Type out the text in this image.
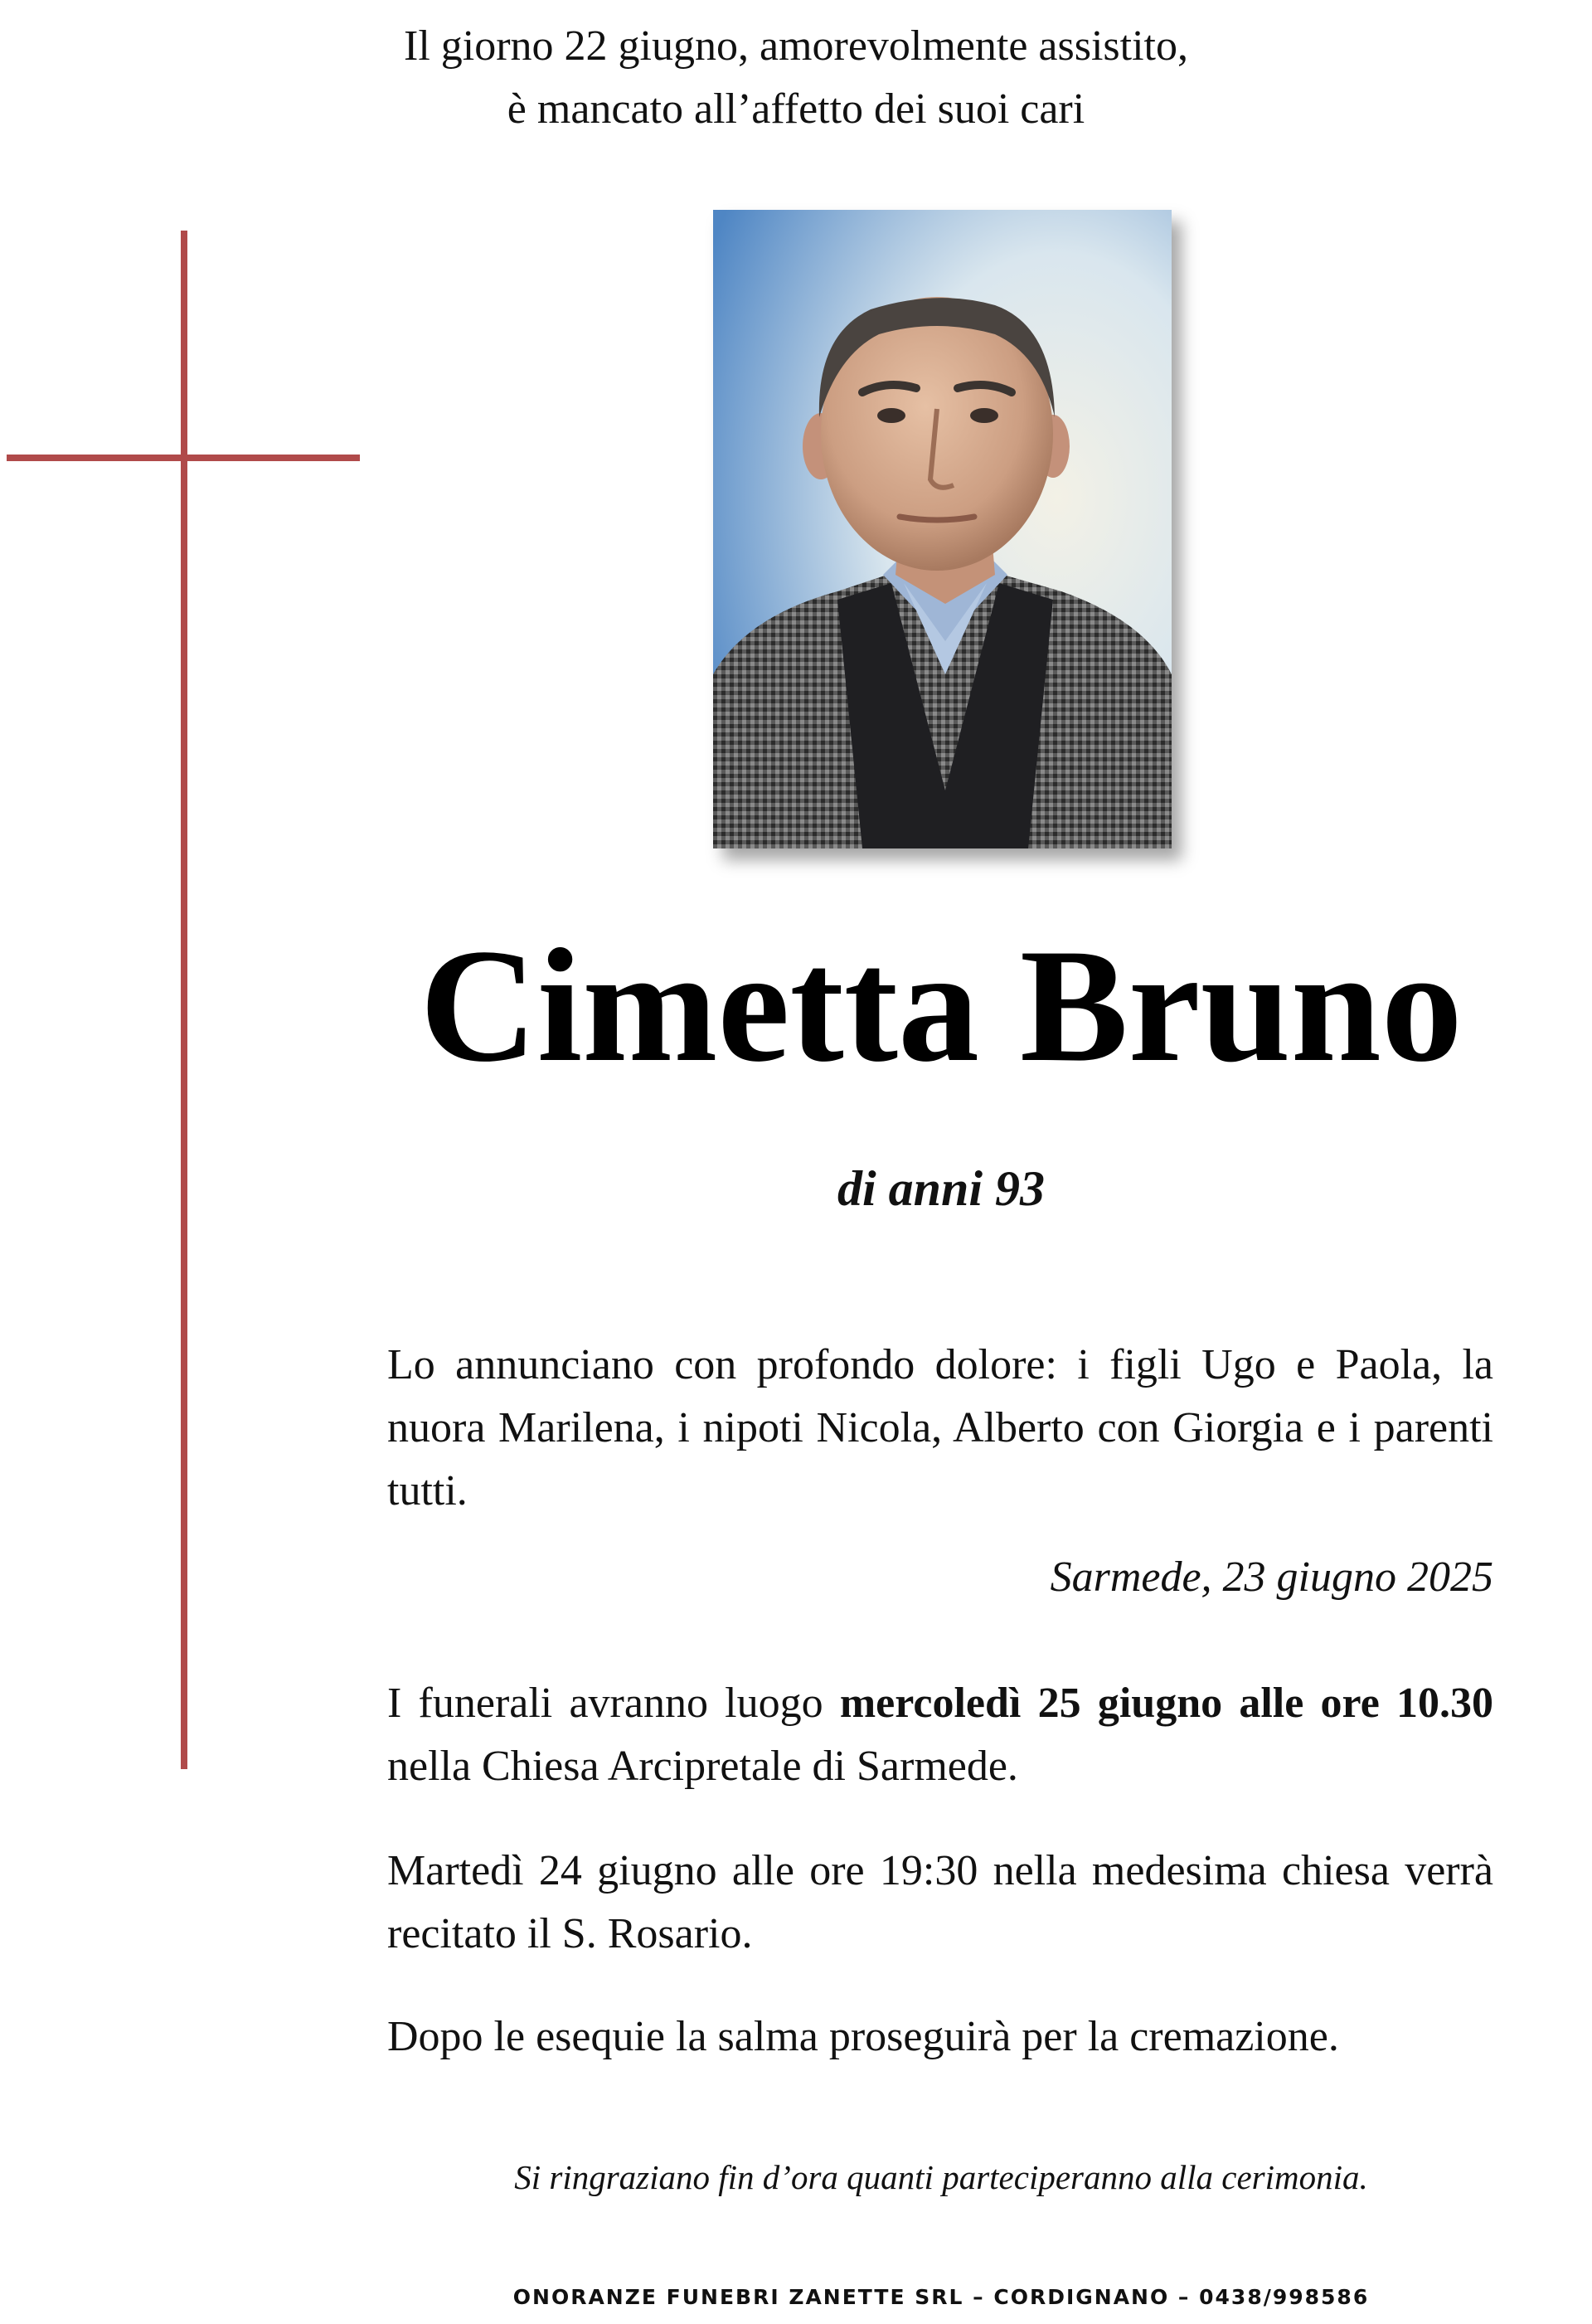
Il giorno 22 giugno, amorevolmente assistito,
è mancato all’affetto dei suoi cari
Cimetta Bruno

di anni 93

Lo annunciano con profondo dolore: i figli Ugo e Paola, la nuora Marilena, i nipoti Nicola, Alberto con Giorgia e i parenti tutti.

Sarmede, 23 giugno 2025

I funerali avranno luogo mercoledì 25 giugno alle ore 10.30 nella Chiesa Arcipretale di Sarmede.

Martedì 24 giugno alle ore 19:30 nella medesima chiesa verrà recitato il S. Rosario.

Dopo le esequie la salma proseguirà per la cremazione.

Si ringraziano fin d’ora quanti parteciperanno alla cerimonia.

ONORANZE FUNEBRI ZANETTE SRL – CORDIGNANO – 0438/998586
